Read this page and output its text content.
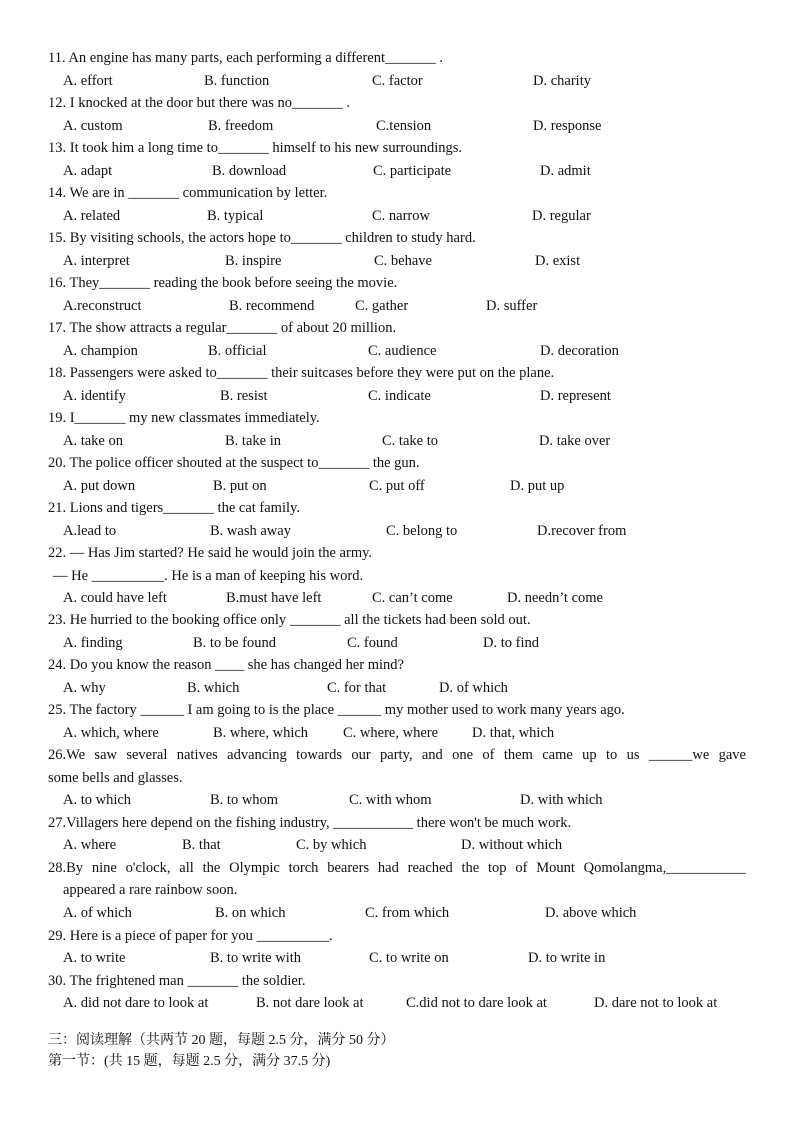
11. An engine has many parts, each performing a different_______ .
A. effort	B. function	C. factor	D. charity
12. I knocked at the door but there was no_______ .
A. custom	B. freedom	C.tension	D. response
13. It took him a long time to_______ himself to his new surroundings.
A. adapt	B. download	C. participate	D. admit
14. We are in _______ communication by letter.
A. related	B. typical	C. narrow	D. regular
15. By visiting schools, the actors hope to_______ children to study hard.
A. interpret	B. inspire	C. behave	D. exist
16. They_______ reading the book before seeing the movie.
A.reconstruct	B. recommend	C. gather	D. suffer
17. The show attracts a regular_______ of about 20 million.
A. champion	B. official	C. audience	D. decoration
18. Passengers were asked to_______ their suitcases before they were put on the plane.
A. identify	B. resist	C. indicate	D. represent
19. I_______ my new classmates immediately.
A. take on	B. take in	C. take to	D. take over
20. The police officer shouted at the suspect to_______ the gun.
A. put down	B. put on	C. put off	D. put up
21. Lions and tigers_______ the cat family.
A.lead to	B. wash away	C. belong to	D.recover from
22. — Has Jim started? He said he would join the army.
— He __________. He is a man of keeping his word.
A. could have left	B.must have left	C. can’t come	D. needn’t come
23. He hurried to the booking office only _______ all the tickets had been sold out.
A. finding	B. to be found	C. found	D. to find
24. Do you know the reason ____ she has changed her mind?
A. why	B. which	C. for that	D. of which
25. The factory ______ I am going to is the place ______ my mother used to work many years ago.
A. which, where	B. where, which C. where, where D. that, which
26.We saw several natives advancing towards our party, and one of them came up to us ______we gave
some bells and glasses.
A. to which	B. to whom	C. with whom	D. with which
27.Villagers here depend on the fishing industry, ___________ there won't be much work.
A. where	B. that	C. by which	D. without which
28.By nine o'clock, all the Olympic torch bearers had reached the top of Mount Qomolangma,___________
appeared a rare rainbow soon.
A. of which	B. on which	C. from which	D. above which
29. Here is a piece of paper for you __________.
A. to write	B. to write with	C. to write on	D. to write in
30. The frightened man _______ the soldier.
A. did not dare to look at	B. not dare look at	C.did not to dare look at	D. dare not to look at
三：阅读理解（共两节 20 题，每题 2.5 分，满分 50 分）
第一节：(共 15 题，每题 2.5 分，满分 37.5 分)
